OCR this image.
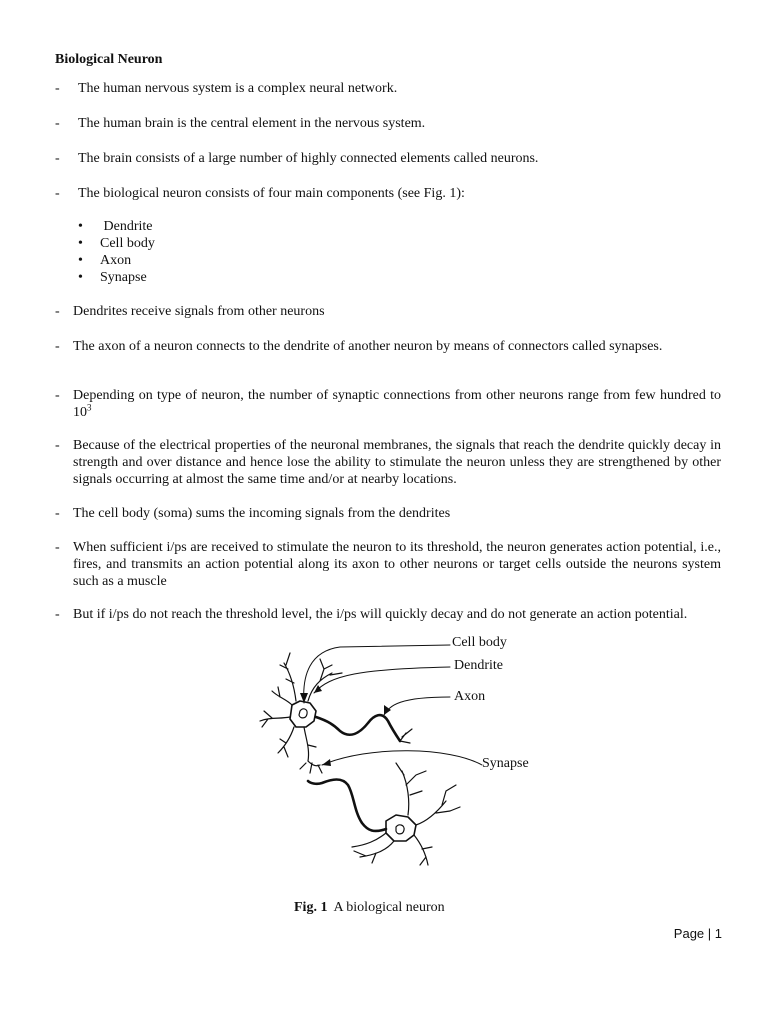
Biological Neuron
- The human nervous system is a complex neural network.
- The human brain is the central element in the nervous system.
- The brain consists of a large number of highly connected elements called neurons.
- The biological neuron consists of four main components (see Fig. 1):
•	Dendrite
•	Cell body
•	Axon
•	Synapse
- Dendrites receive signals from other neurons
- The axon of a neuron connects to the dendrite of another neuron by means of connectors called synapses.
- Depending on type of neuron, the number of synaptic connections from other neurons range from few hundred to $10^3$
- Because of the electrical properties of the neuronal membranes, the signals that reach the dendrite quickly decay in strength and over distance and hence lose the ability to stimulate the neuron unless they are strengthened by other signals occurring at almost the same time and/or at nearby locations.
- The cell body (soma) sums the incoming signals from the dendrites
- When sufficient i/ps are received to stimulate the neuron to its threshold, the neuron generates action potential, i.e., fires, and transmits an action potential along its axon to other neurons or target cells outside the neurons system such as a muscle
- But if i/ps do not reach the threshold level, the i/ps will quickly decay and do not generate an action potential.
Cell body
Dendrite
Axon
Synapse
Fig. 1 A biological neuron
Page | 1
